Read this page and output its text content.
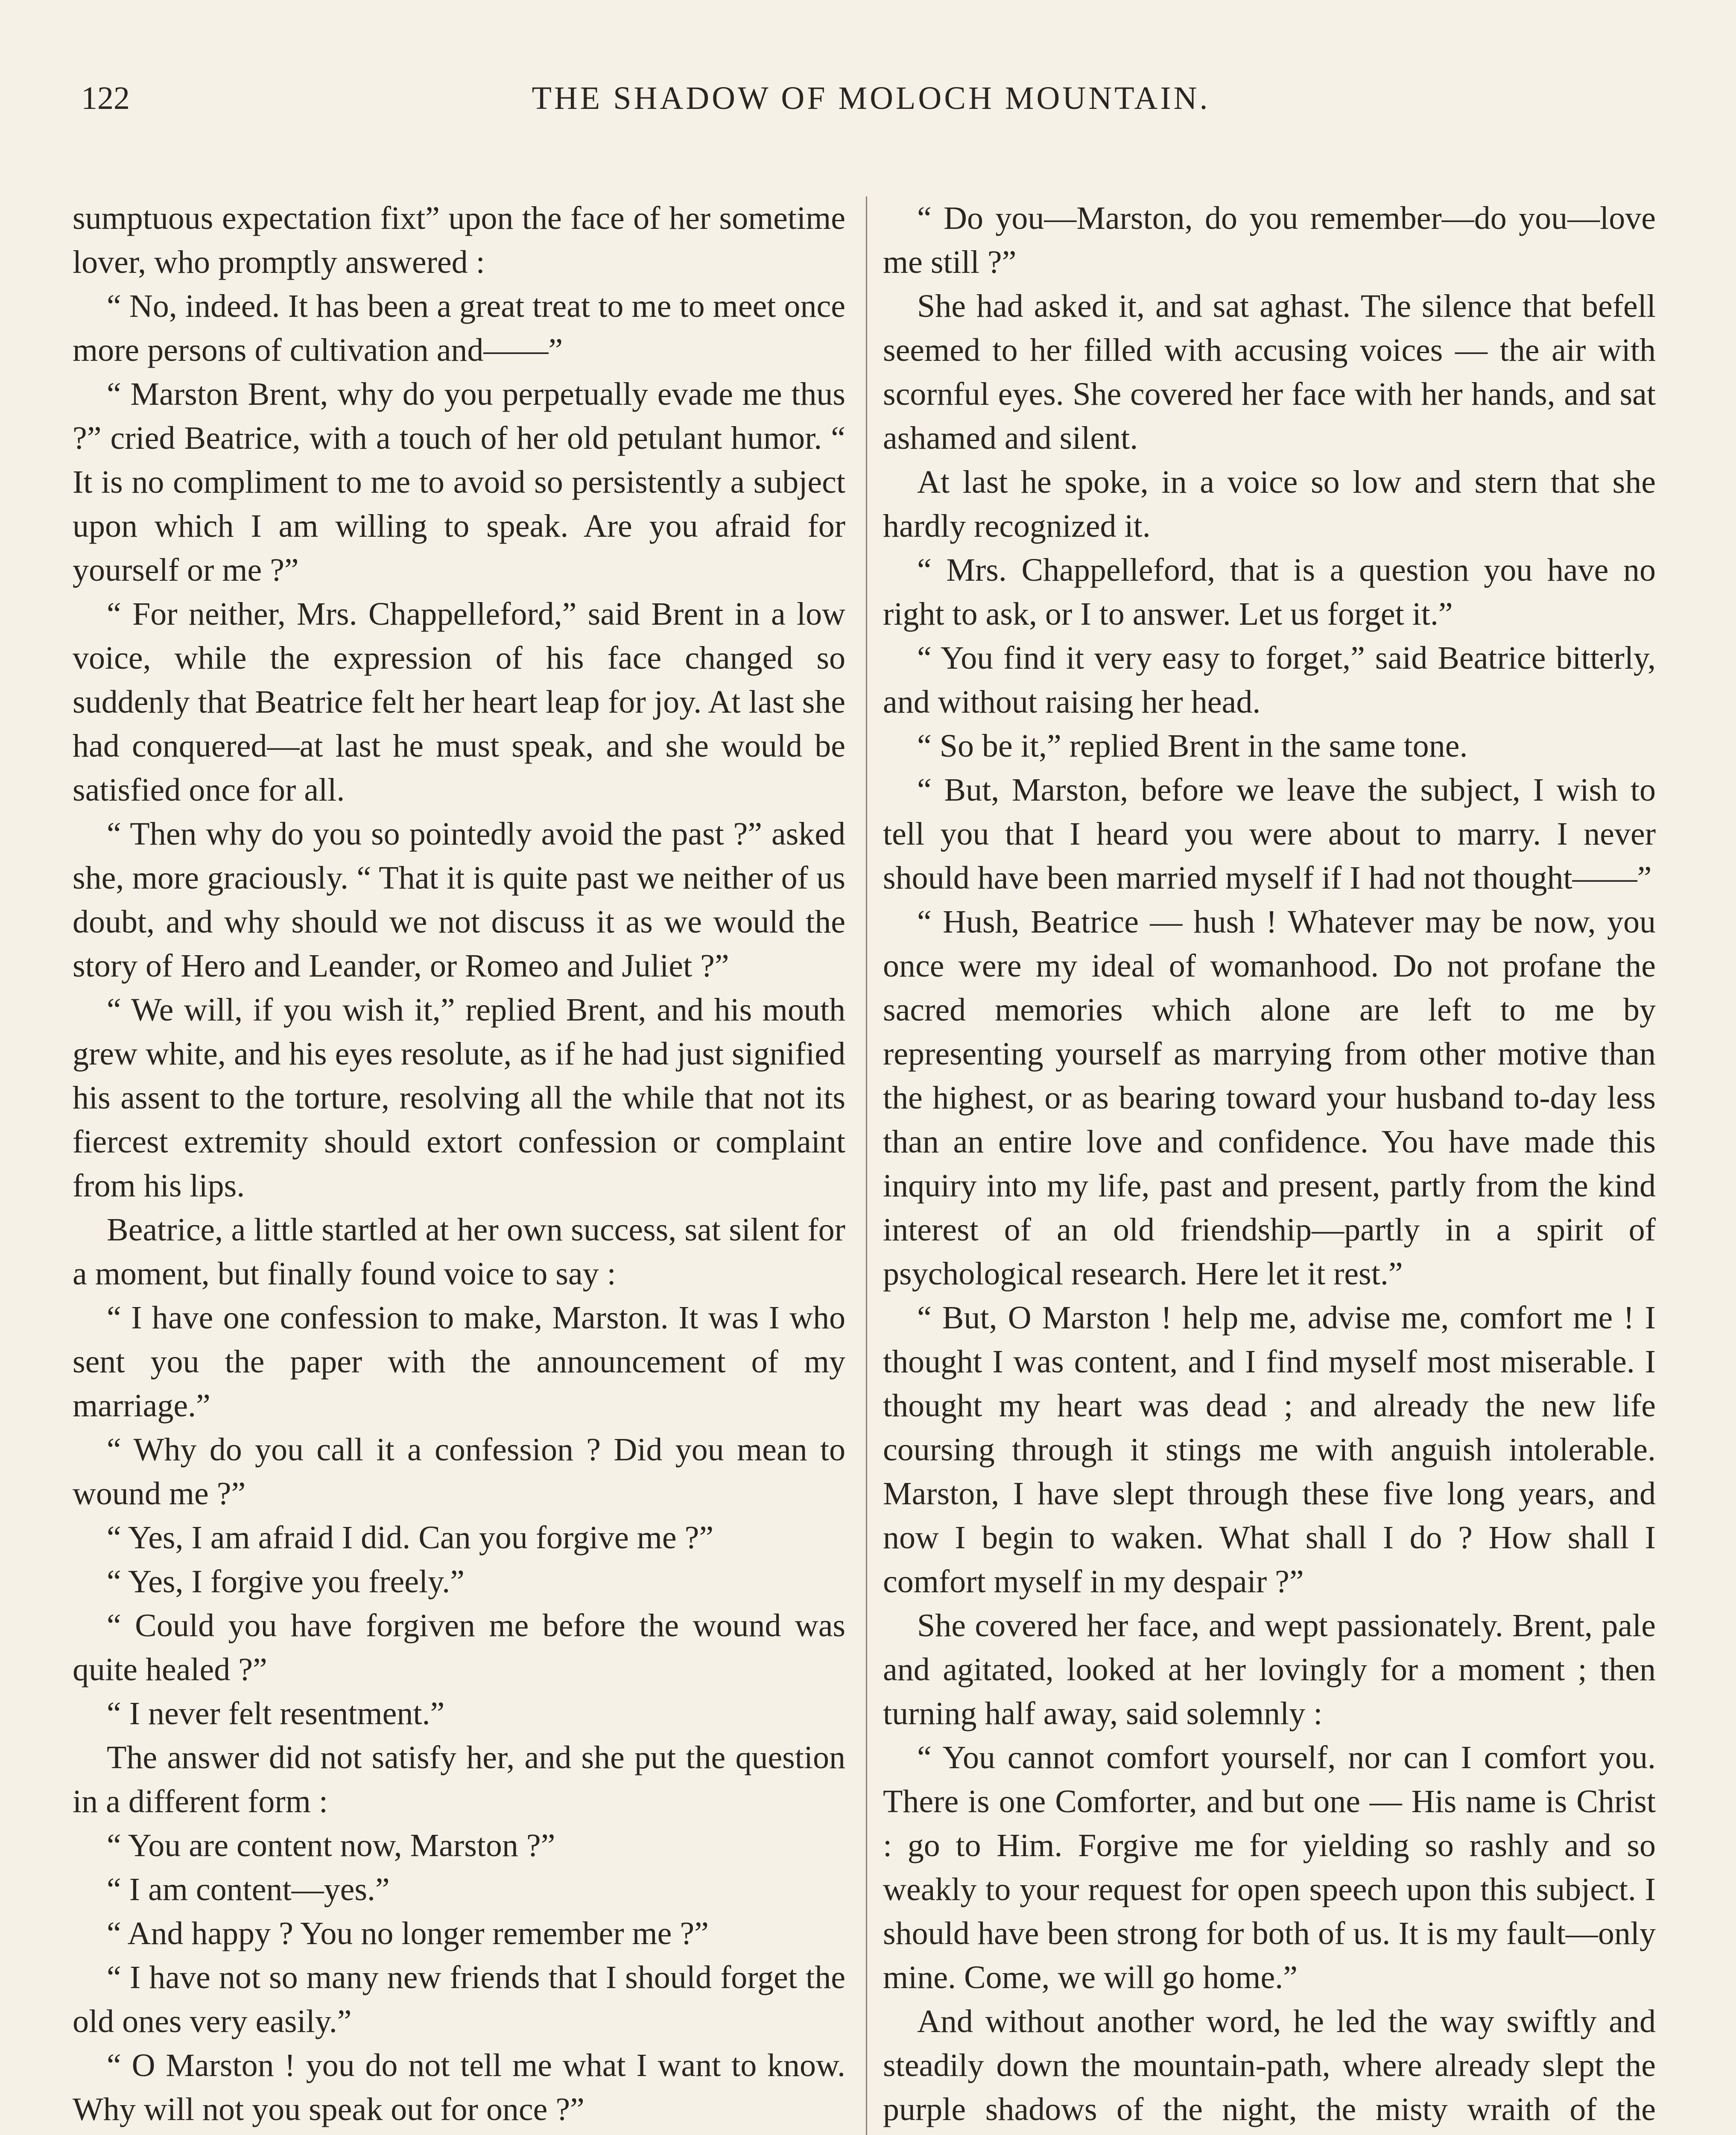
122	THE SHADOW OF MOLOCH MOUNTAIN.

sumptuous expectation fixt” upon the face of her sometime lover, who promptly answered :

“ No, indeed. It has been a great treat to me to meet once more persons of cultivation and——”

“ Marston Brent, why do you perpetually evade me thus ?” cried Beatrice, with a touch of her old petulant humor. “ It is no compliment to me to avoid so persistently a subject upon which I am willing to speak. Are you afraid for yourself or me ?”

“ For neither, Mrs. Chappelleford,” said Brent in a low voice, while the expression of his face changed so suddenly that Beatrice felt her heart leap for joy. At last she had conquered—at last he must speak, and she would be satisfied once for all.

“ Then why do you so pointedly avoid the past ?” asked she, more graciously. “ That it is quite past we neither of us doubt, and why should we not discuss it as we would the story of Hero and Leander, or Romeo and Juliet ?”

“ We will, if you wish it,” replied Brent, and his mouth grew white, and his eyes resolute, as if he had just signified his assent to the torture, resolving all the while that not its fiercest extremity should extort confession or complaint from his lips.

Beatrice, a little startled at her own success, sat silent for a moment, but finally found voice to say :

“ I have one confession to make, Marston. It was I who sent you the paper with the announcement of my marriage.”

“ Why do you call it a confession ? Did you mean to wound me ?”

“ Yes, I am afraid I did. Can you forgive me ?”

“ Yes, I forgive you freely.”

“ Could you have forgiven me before the wound was quite healed ?”

“ I never felt resentment.”

The answer did not satisfy her, and she put the question in a different form :

“ You are content now, Marston ?”

“ I am content—yes.”

“ And happy ? You no longer remember me ?”

“ I have not so many new friends that I should forget the old ones very easily.”

“ O Marston ! you do not tell me what I want to know. Why will not you speak out for once ?”

“ Do you—Marston, do you remember—do you—love me still ?”

She had asked it, and sat aghast. The silence that befell seemed to her filled with accusing voices — the air with scornful eyes. She covered her face with her hands, and sat ashamed and silent.

At last he spoke, in a voice so low and stern that she hardly recognized it.

“ Mrs. Chappelleford, that is a question you have no right to ask, or I to answer. Let us forget it.”

“ You find it very easy to forget,” said Beatrice bitterly, and without raising her head.

“ So be it,” replied Brent in the same tone.

“ But, Marston, before we leave the subject, I wish to tell you that I heard you were about to marry. I never should have been married myself if I had not thought——”

“ Hush, Beatrice — hush ! Whatever may be now, you once were my ideal of womanhood. Do not profane the sacred memories which alone are left to me by representing yourself as marrying from other motive than the highest, or as bearing toward your husband to-day less than an entire love and confidence. You have made this inquiry into my life, past and present, partly from the kind interest of an old friendship—partly in a spirit of psychological research. Here let it rest.”

“ But, O Marston ! help me, advise me, comfort me ! I thought I was content, and I find myself most miserable. I thought my heart was dead ; and already the new life coursing through it stings me with anguish intolerable. Marston, I have slept through these five long years, and now I begin to waken. What shall I do ? How shall I comfort myself in my despair ?”

She covered her face, and wept passionately. Brent, pale and agitated, looked at her lovingly for a moment ; then turning half away, said solemnly :

“ You cannot comfort yourself, nor can I comfort you. There is one Comforter, and but one — His name is Christ : go to Him. Forgive me for yielding so rashly and so weakly to your request for open speech upon this subject. I should have been strong for both of us. It is my fault—only mine. Come, we will go home.”

And without another word, he led the way swiftly and steadily down the mountain-path, where already slept the purple shadows of the night, the misty wraith of the
